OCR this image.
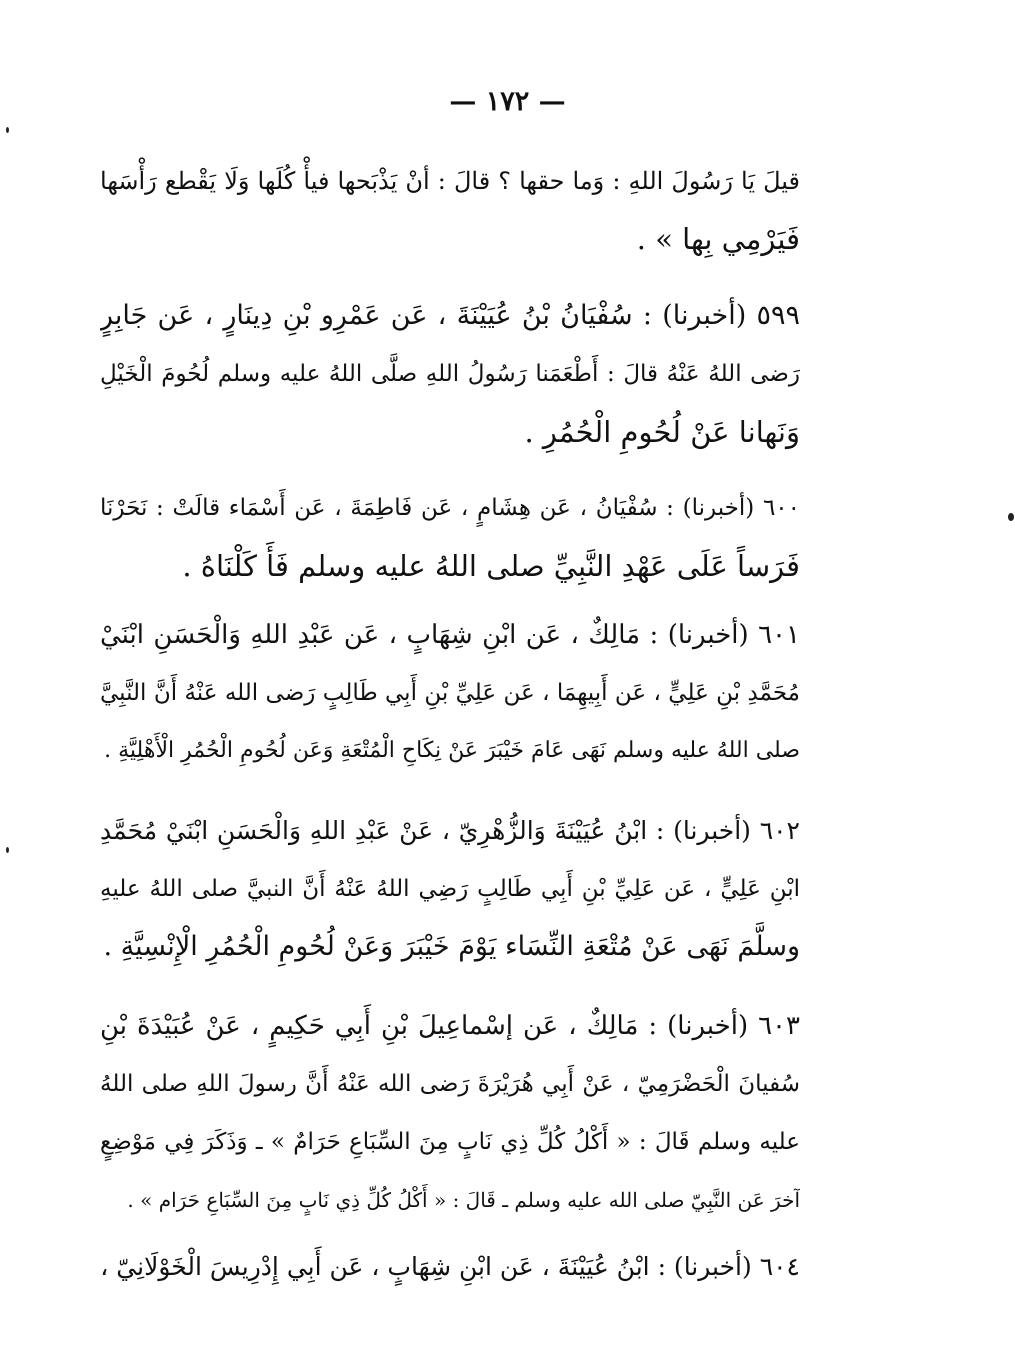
— ١٧٢ —
قيلَ يَا رَسُولَ اللهِ : وَما حقها ؟ قالَ : أنْ يَذْبَحها فيأْ كُلَها وَلَا يَقْطع رَأْسَها
فَيَرْمِي بِها » .
٥٩٩ (أخبرنا) : سُفْيَانُ بْنُ عُيَيْنَةَ ، عَن عَمْرِو بْنِ دِينَارٍ ، عَن جَابِرٍ
رَضى اللهُ عَنْهُ قالَ : أَطْعَمَنا رَسُولُ اللهِ صلَّى اللهُ عليه وسلم لُحُومَ الْخَيْلِ
وَنَهانا عَنْ لُحُومِ الْحُمُرِ .
٦٠٠ (أخبرنا) : سُفْيَانُ ، عَن هِشَامٍ ، عَن فَاطِمَةَ ، عَن أَسْمَاء قالَتْ : نَحَرْنَا
فَرَساً عَلَى عَهْدِ النَّبِيِّ صلى اللهُ عليه وسلم فَأَ كَلْنَاهُ .
٦٠١ (أخبرنا) : مَالِكٌ ، عَن ابْنِ شِهَابٍ ، عَن عَبْدِ اللهِ وَالْحَسَنِ ابْنَيْ
مُحَمَّدِ بْنِ عَلِيٍّ ، عَن أَبِيهِمَا ، عَن عَلِيِّ بْنِ أَبِي طَالِبٍ رَضى الله عَنْهُ أَنَّ النَّبِيَّ
صلى اللهُ عليه وسلم نَهَى عَامَ خَيْبَرَ عَنْ نِكَاحِ الْمُتْعَةِ وَعَن لُحُومِ الْحُمُرِ الْأَهْلِيَّةِ .
٦٠٢ (أخبرنا) : ابْنُ عُيَيْنَةَ وَالزُّهْرِيّ ، عَنْ عَبْدِ اللهِ وَالْحَسَنِ ابْنَيْ مُحَمَّدِ
ابْنِ عَلِيٍّ ، عَن عَلِيِّ بْنِ أَبِي طَالِبٍ رَضِي اللهُ عَنْهُ أَنَّ النبيَّ صلى اللهُ عليهِ
وسلَّمَ نَهَى عَنْ مُتْعَةِ النِّسَاء يَوْمَ خَيْبَرَ وَعَنْ لُحُومِ الْحُمُرِ الْإِنْسِيَّةِ .
٦٠٣ (أخبرنا) : مَالِكٌ ، عَن إسْماعِيلَ بْنِ أَبِي حَكِيمٍ ، عَنْ عُبَيْدَةَ بْنِ
سُفيانَ الْحَضْرَمِيّ ، عَنْ أَبِي هُرَيْرَةَ رَضى الله عَنْهُ أَنَّ رسولَ اللهِ صلى اللهُ
عليه وسلم قَالَ : « أَكْلُ كُلِّ ذِي نَابٍ مِنَ السِّبَاعِ حَرَامٌ » ـ وَذَكَرَ فِي مَوْضِعٍ
آخرَ عَن النَّبِيّ صلى الله عليه وسلم ـ قَالَ : « أَكْلُ كُلِّ ذِي نَابٍ مِنَ السِّبَاعِ حَرَام » .
٦٠٤ (أخبرنا) : ابْنُ عُيَيْنَةَ ، عَن ابْنِ شِهَابٍ ، عَن أَبِي إِدْرِيسَ الْخَوْلَانِيّ ،
